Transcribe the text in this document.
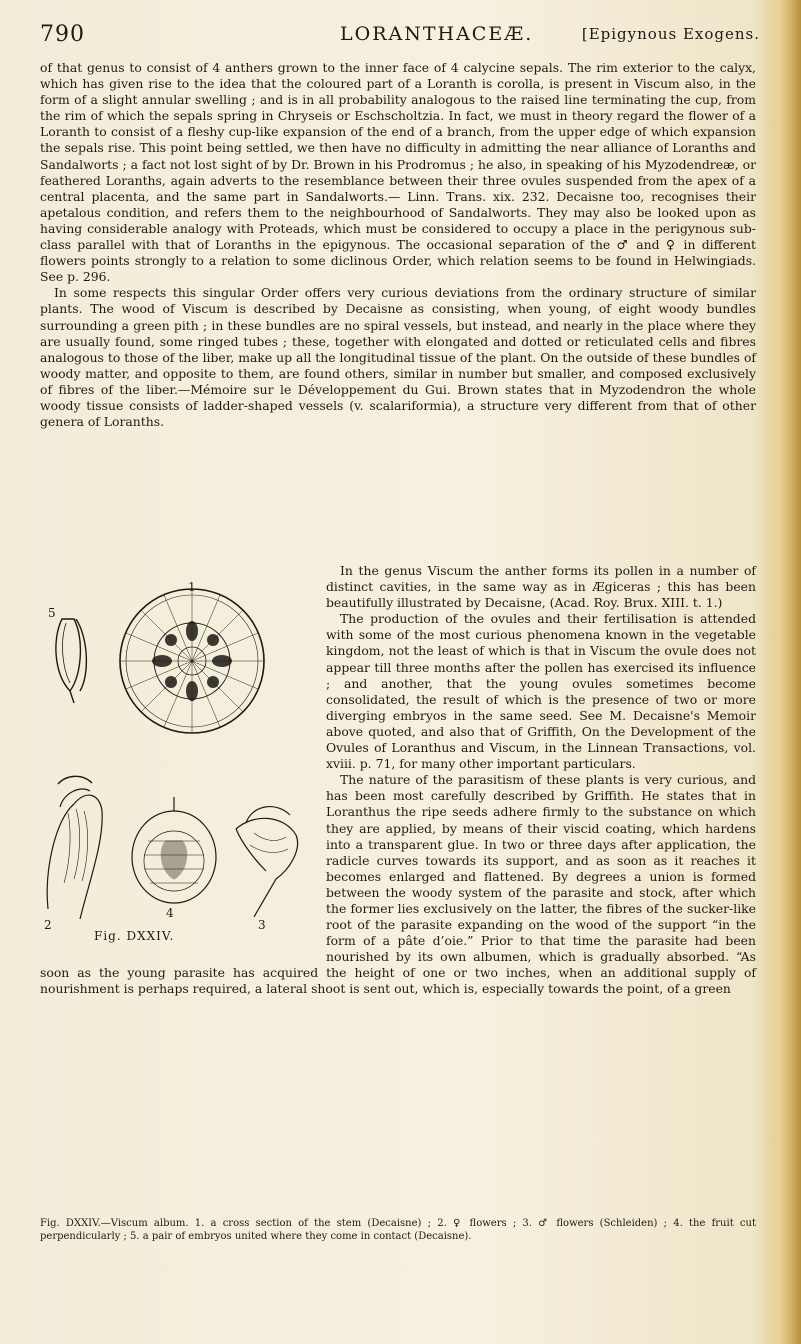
790	LORANTHACEÆ.	[Epigynous Exogens.

of that genus to consist of 4 anthers grown to the inner face of 4 calycine sepals. The rim exterior to the calyx, which has given rise to the idea that the coloured part of a Loranth is corolla, is present in Viscum also, in the form of a slight annular swelling ; and is in all probability analogous to the raised line terminating the cup, from the rim of which the sepals spring in Chryseis or Eschscholtzia. In fact, we must in theory regard the flower of a Loranth to consist of a fleshy cup-like expansion of the end of a branch, from the upper edge of which expansion the sepals rise. This point being settled, we then have no difficulty in admitting the near alliance of Loranths and Sandalworts ; a fact not lost sight of by Dr. Brown in his Prodromus ; he also, in speaking of his Myzodendreæ, or feathered Loranths, again adverts to the resemblance between their three ovules suspended from the apex of a central placenta, and the same part in Sandalworts.— Linn. Trans. xix. 232. Decaisne too, recognises their apetalous condition, and refers them to the neighbourhood of Sandalworts. They may also be looked upon as having considerable analogy with Proteads, which must be considered to occupy a place in the perigynous sub-class parallel with that of Loranths in the epigynous. The occasional separation of the ♂ and ♀ in different flowers points strongly to a relation to some diclinous Order, which relation seems to be found in Helwingiads. See p. 296.

In some respects this singular Order offers very curious deviations from the ordinary structure of similar plants. The wood of Viscum is described by Decaisne as consisting, when young, of eight woody bundles surrounding a green pith ; in these bundles are no spiral vessels, but instead, and nearly in the place where they are usually found, some ringed tubes ; these, together with elongated and dotted or reticulated cells and fibres analogous to those of the liber, make up all the longitudinal tissue of the plant. On the outside of these bundles of woody matter, and opposite to them, are found others, similar in number but smaller, and composed exclusively of fibres of the liber.—Mémoire sur le Développement du Gui. Brown states that in Myzodendron the whole woody tissue consists of ladder-shaped vessels (v. scalariformia), a structure very different from that of other genera of Loranths.

5
1
4
2	3
Fig. DXXIV.

In the genus Viscum the anther forms its pollen in a number of distinct cavities, in the same way as in Ægiceras ; this has been beautifully illustrated by Decaisne, (Acad. Roy. Brux. XIII. t. 1.)

The production of the ovules and their fertilisation is attended with some of the most curious phenomena known in the vegetable kingdom, not the least of which is that in Viscum the ovule does not appear till three months after the pollen has exercised its influence ; and another, that the young ovules sometimes become consolidated, the result of which is the presence of two or more diverging embryos in the same seed. See M. Decaisne's Memoir above quoted, and also that of Griffith, On the Development of the Ovules of Loranthus and Viscum, in the Linnean Transactions, vol. xviii. p. 71, for many other important particulars.

The nature of the parasitism of these plants is very curious, and has been most carefully described by Griffith. He states that in Loranthus the ripe seeds adhere firmly to the substance on which they are applied, by means of their viscid coating, which hardens into a transparent glue. In two or three days after application, the radicle curves towards its support, and as soon as it reaches it becomes enlarged and flattened. By degrees a union is formed between the woody system of the parasite and stock, after which the former lies exclusively on the latter, the fibres of the sucker-like root of the parasite expanding on the wood of the support “in the form of a pâte d’oie.” Prior to that time the parasite had been nourished by its own albumen, which is gradually absorbed. “As soon as the young parasite has acquired the height of one or two inches, when an additional supply of nourishment is perhaps required, a lateral shoot is sent out, which is, especially towards the point, of a green

Fig. DXXIV.—Viscum album. 1. a cross section of the stem (Decaisne) ; 2. ♀ flowers ; 3. ♂ flowers (Schleiden) ; 4. the fruit cut perpendicularly ; 5. a pair of embryos united where they come in contact (Decaisne).
